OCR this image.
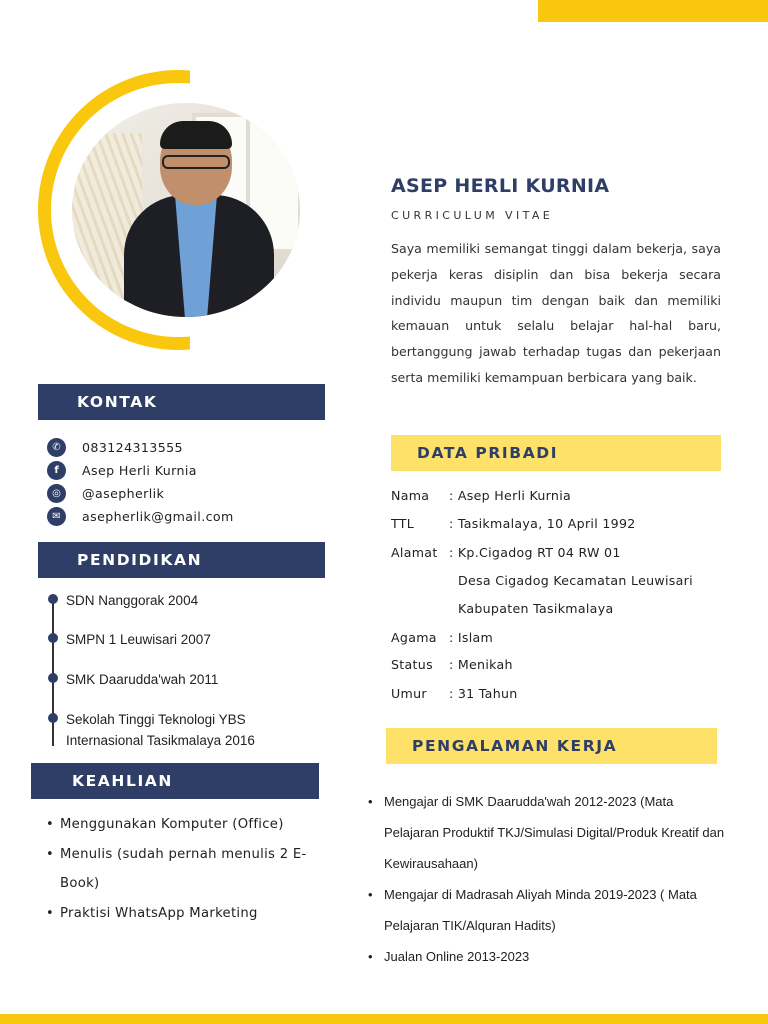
ASEP HERLI KURNIA
CURRICULUM VITAE
Saya memiliki semangat tinggi dalam bekerja, saya pekerja keras disiplin dan bisa bekerja secara individu maupun tim dengan baik dan memiliki kemauan untuk selalu belajar hal-hal baru, bertanggung jawab terhadap tugas dan pekerjaan serta memiliki kemampuan berbicara yang baik.
KONTAK
✆	083124313555
f	Asep Herli Kurnia
◎	@asepherlik
✉	asepherlik@gmail.com
PENDIDIKAN
SDN Nanggorak 2004
SMPN 1 Leuwisari 2007
SMK Daarudda'wah 2011
Sekolah Tinggi Teknologi YBS Internasional Tasikmalaya 2016
KEAHLIAN
• Menggunakan Komputer (Office)
• Menulis (sudah pernah menulis 2 E-Book)
• Praktisi WhatsApp Marketing
DATA PRIBADI
Nama	: Asep Herli Kurnia
TTL	: Tasikmalaya, 10 April 1992
Alamat : Kp.Cigadog RT 04 RW 01
Desa Cigadog Kecamatan Leuwisari
Kabupaten Tasikmalaya
Agama : Islam
Status	: Menikah
Umur	: 31 Tahun
PENGALAMAN KERJA
• Mengajar di SMK Daarudda'wah 2012-2023 (Mata Pelajaran Produktif TKJ/Simulasi Digital/Produk Kreatif dan Kewirausahaan)
• Mengajar di Madrasah Aliyah Minda 2019-2023 ( Mata Pelajaran TIK/Alquran Hadits)
• Jualan Online 2013-2023
